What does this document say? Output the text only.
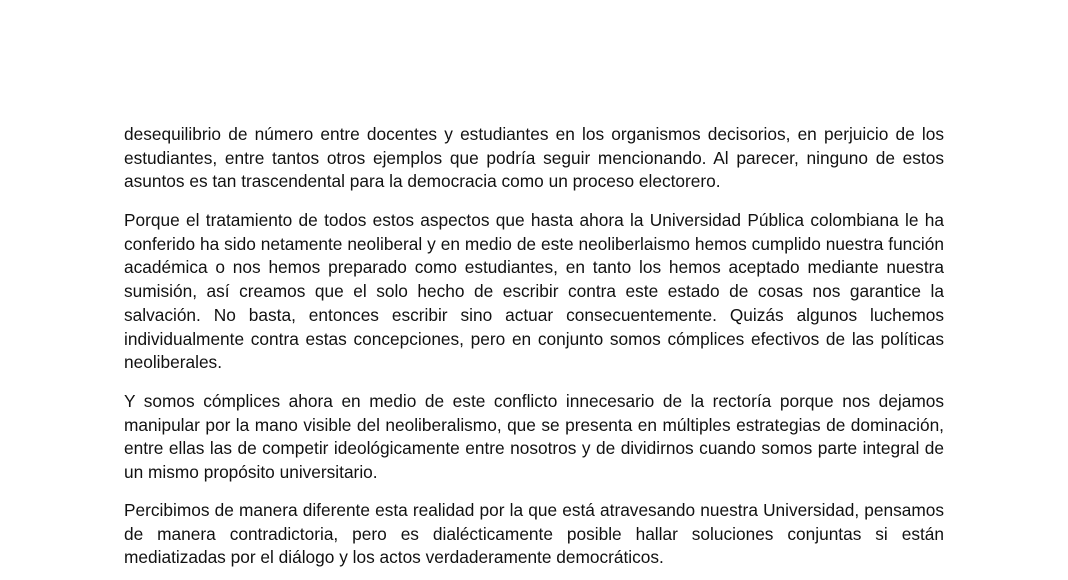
desequilibrio de número entre docentes y estudiantes en los organismos decisorios, en perjuicio de los estudiantes, entre tantos otros ejemplos que podría seguir mencionando. Al parecer, ninguno de estos asuntos es tan trascendental para la democracia como un proceso electorero.

Porque el tratamiento de todos estos aspectos que hasta ahora la Universidad Pública colombiana le ha conferido ha sido netamente neoliberal y en medio de este neoliberlaismo hemos cumplido nuestra función académica o nos hemos preparado como estudiantes, en tanto los hemos aceptado mediante nuestra sumisión, así creamos que el solo hecho de escribir contra este estado de cosas nos garantice la salvación. No basta, entonces escribir sino actuar consecuentemente. Quizás algunos luchemos individualmente contra estas concepciones, pero en conjunto somos cómplices efectivos de las políticas neoliberales.

Y somos cómplices ahora en medio de este conflicto innecesario de la rectoría porque nos dejamos manipular por la mano visible del neoliberalismo, que se presenta en múltiples estrategias de dominación, entre ellas las de competir ideológicamente entre nosotros y de dividirnos cuando somos parte integral de un mismo propósito universitario.

Percibimos de manera diferente esta realidad por la que está atravesando nuestra Universidad, pensamos de manera contradictoria, pero es dialécticamente posible hallar soluciones conjuntas si están mediatizadas por el diálogo y los actos verdaderamente democráticos.
